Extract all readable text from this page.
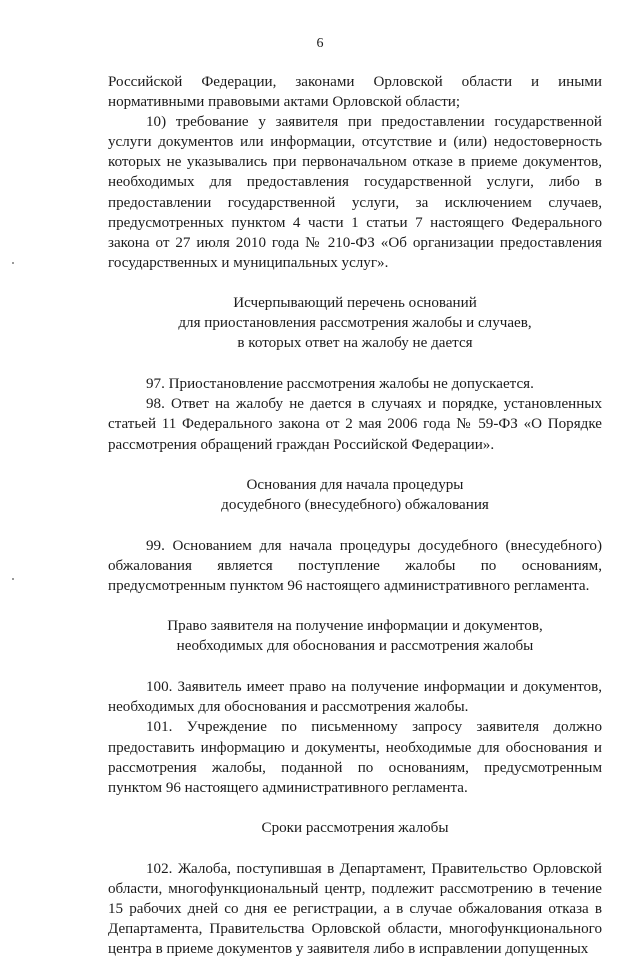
6

Российской Федерации, законами Орловской области и иными нормативными правовыми актами Орловской области;

10) требование у заявителя при предоставлении государственной услуги документов или информации, отсутствие и (или) недостоверность которых не указывались при первоначальном отказе в приеме документов, необходимых для предоставления государственной услуги, либо в предоставлении государственной услуги, за исключением случаев, предусмотренных пунктом 4 части 1 статьи 7 настоящего Федерального закона от 27 июля 2010 года № 210-ФЗ «Об организации предоставления государственных и муниципальных услуг».

Исчерпывающий перечень оснований
для приостановления рассмотрения жалобы и случаев,
в которых ответ на жалобу не дается

97. Приостановление рассмотрения жалобы не допускается.

98. Ответ на жалобу не дается в случаях и порядке, установленных статьей 11 Федерального закона от 2 мая 2006 года № 59-ФЗ «О Порядке рассмотрения обращений граждан Российской Федерации».

Основания для начала процедуры
досудебного (внесудебного) обжалования

99. Основанием для начала процедуры досудебного (внесудебного) обжалования является поступление жалобы по основаниям, предусмотренным пунктом 96 настоящего административного регламента.

Право заявителя на получение информации и документов,
необходимых для обоснования и рассмотрения жалобы

100. Заявитель имеет право на получение информации и документов, необходимых для обоснования и рассмотрения жалобы.

101. Учреждение по письменному запросу заявителя должно предоставить информацию и документы, необходимые для обоснования и рассмотрения жалобы, поданной по основаниям, предусмотренным пунктом 96 настоящего административного регламента.

Сроки рассмотрения жалобы

102. Жалоба, поступившая в Департамент, Правительство Орловской области, многофункциональный центр, подлежит рассмотрению в течение 15 рабочих дней со дня ее регистрации, а в случае обжалования отказа в Департамента, Правительства Орловской области, многофункционального центра в приеме документов у заявителя либо в исправлении допущенных
